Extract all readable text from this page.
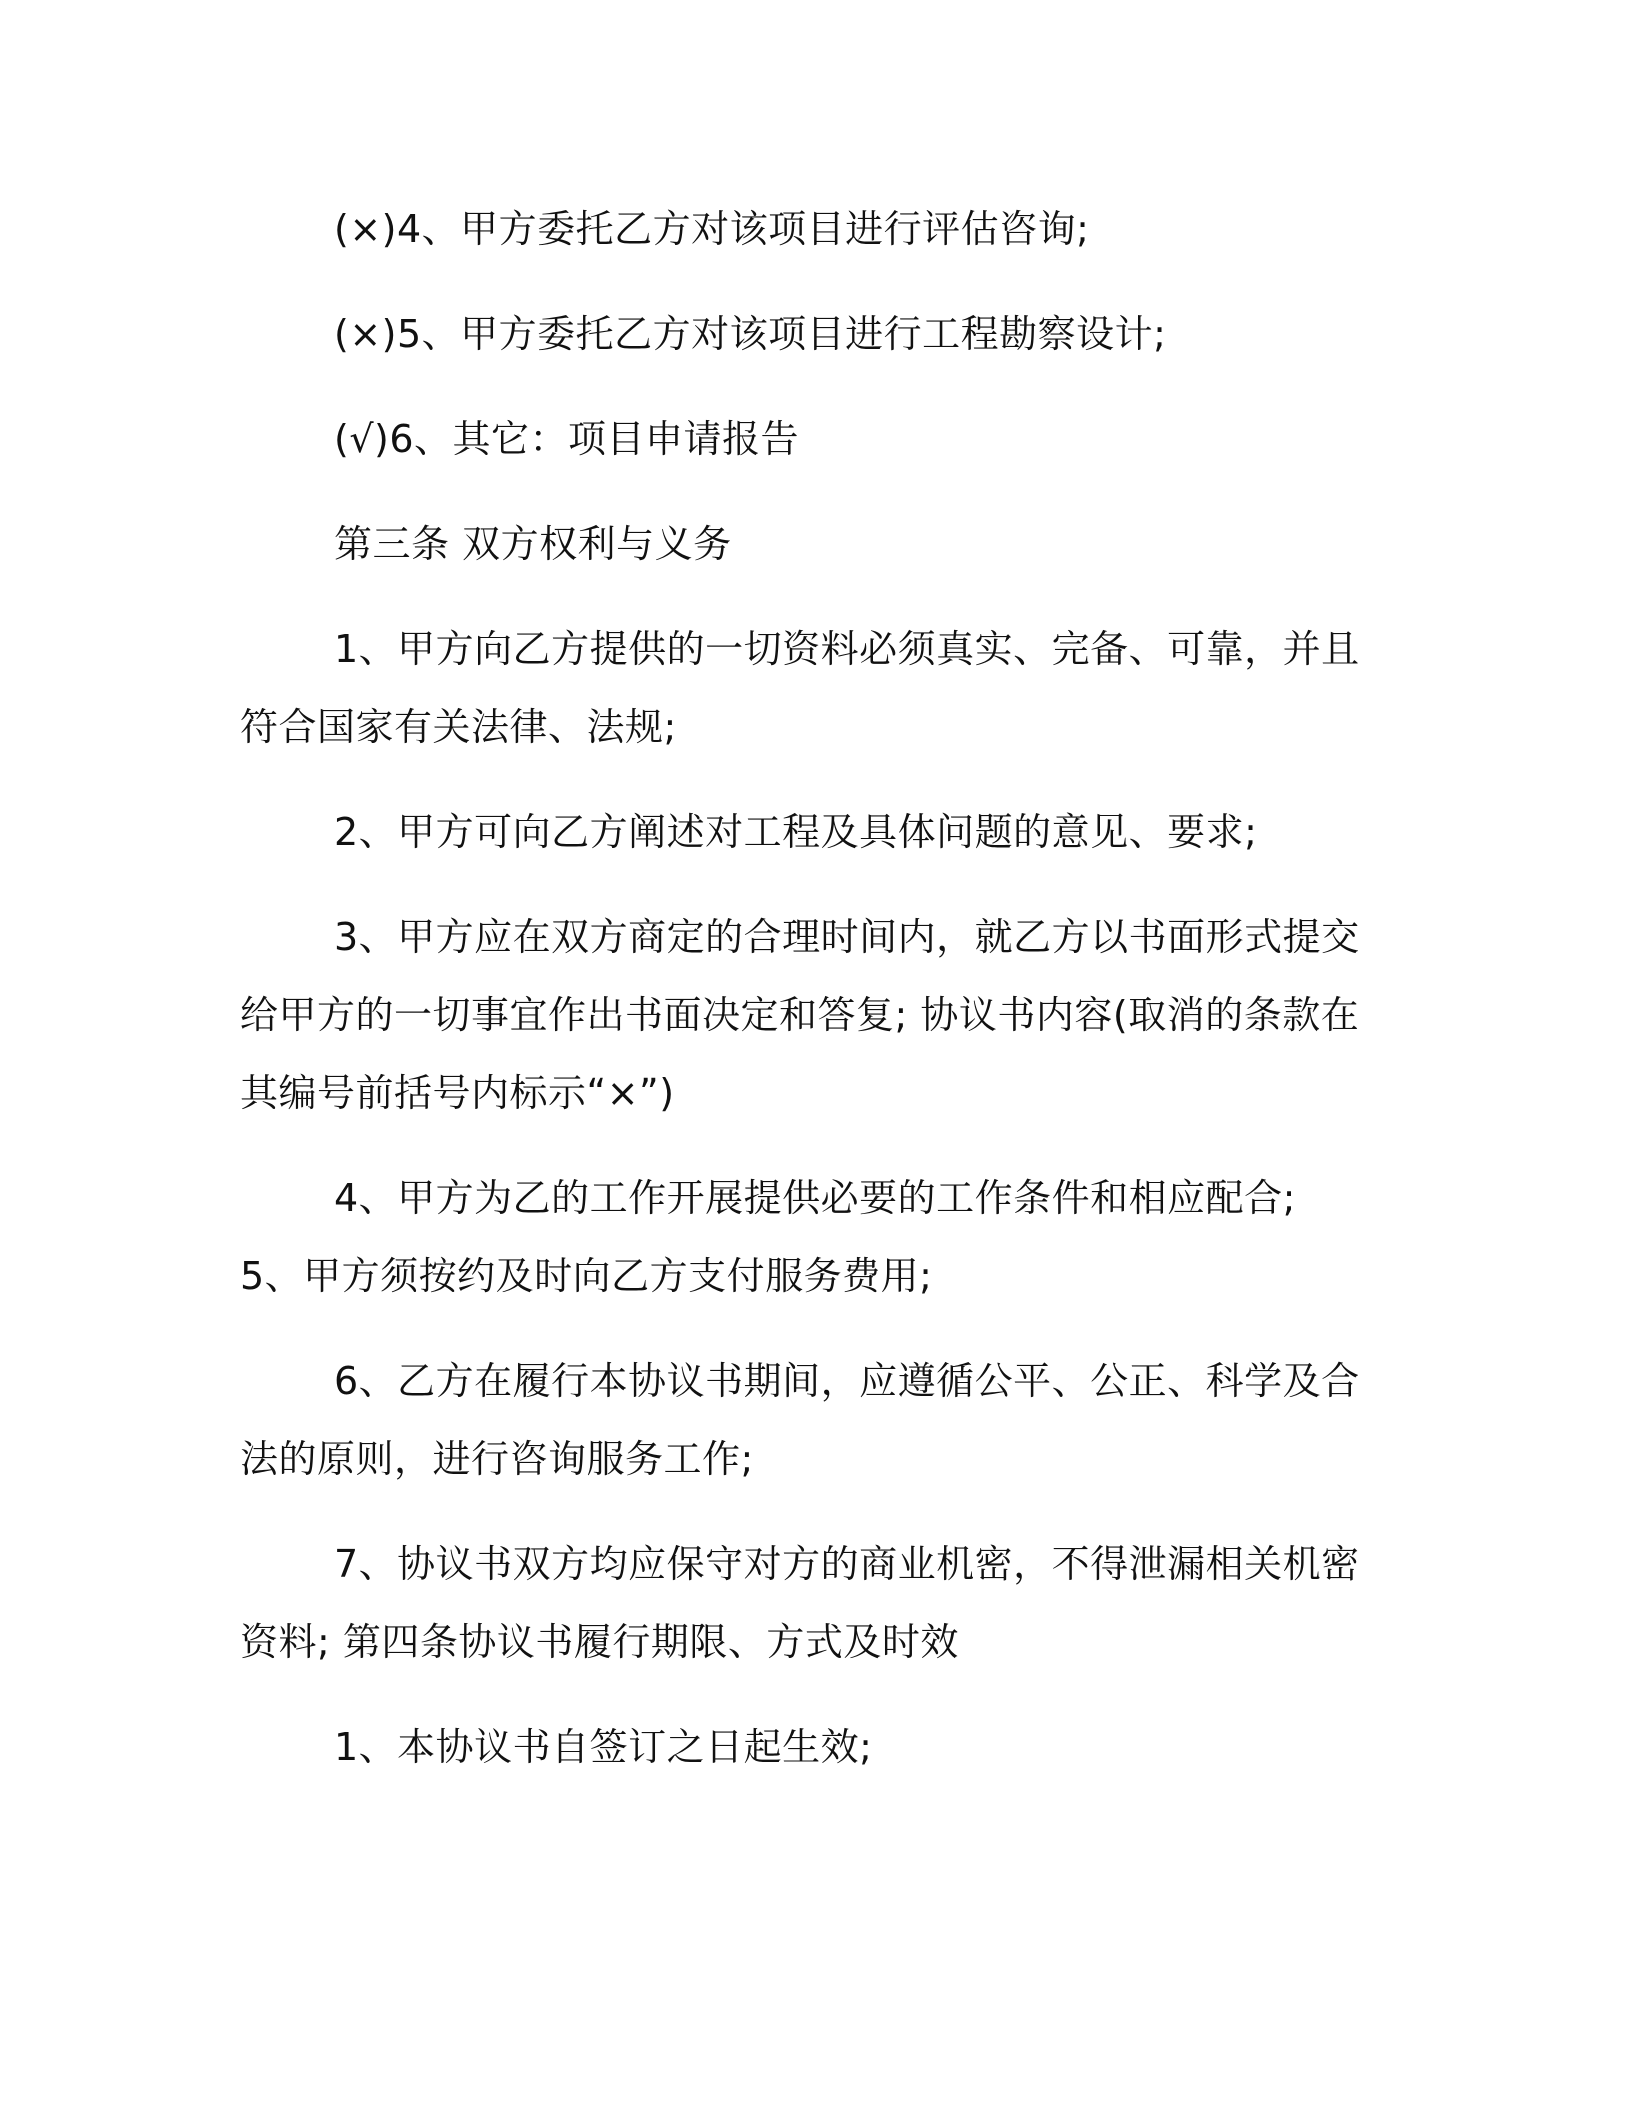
(×)4、甲方委托乙方对该项目进行评估咨询;

(×)5、甲方委托乙方对该项目进行工程勘察设计;

(√)6、其它：项目申请报告

第三条 双方权利与义务

1、甲方向乙方提供的一切资料必须真实、完备、可靠，并且符合国家有关法律、法规;

2、甲方可向乙方阐述对工程及具体问题的意见、要求;

3、甲方应在双方商定的合理时间内，就乙方以书面形式提交给甲方的一切事宜作出书面决定和答复; 协议书内容(取消的条款在其编号前括号内标示“×”)

4、甲方为乙的工作开展提供必要的工作条件和相应配合; 5、甲方须按约及时向乙方支付服务费用;

6、乙方在履行本协议书期间，应遵循公平、公正、科学及合法的原则，进行咨询服务工作;

7、协议书双方均应保守对方的商业机密，不得泄漏相关机密资料; 第四条协议书履行期限、方式及时效

1、本协议书自签订之日起生效;
